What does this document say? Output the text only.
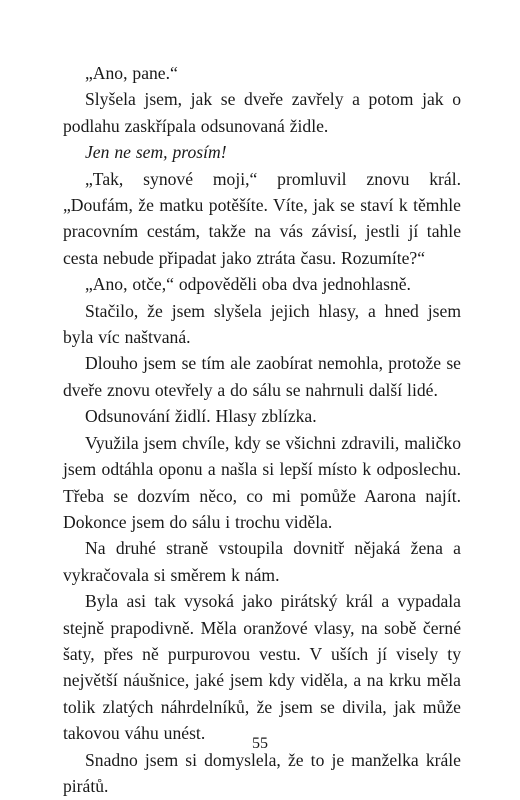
„Ano, pane.“

Slyšela jsem, jak se dveře zavřely a potom jak o podlahu zaskřípala odsunovaná židle.

Jen ne sem, prosím!

„Tak, synové moji,“ promluvil znovu král. „Doufám, že matku potěšíte. Víte, jak se staví k těmhle pracovním cestám, takže na vás závisí, jestli jí tahle cesta nebude připadat jako ztráta času. Rozumíte?“

„Ano, otče,“ odpověděli oba dva jednohlasně.

Stačilo, že jsem slyšela jejich hlasy, a hned jsem byla víc naštvaná.

Dlouho jsem se tím ale zaobírat nemohla, protože se dveře znovu otevřely a do sálu se nahrnuli další lidé.

Odsunování židlí. Hlasy zblízka.

Využila jsem chvíle, kdy se všichni zdravili, maličko jsem odtáhla oponu a našla si lepší místo k odposlechu. Třeba se dozvím něco, co mi pomůže Aarona najít. Dokonce jsem do sálu i trochu viděla.

Na druhé straně vstoupila dovnitř nějaká žena a vykračovala si směrem k nám.

Byla asi tak vysoká jako pirátský král a vypadala stejně prapodivně. Měla oranžové vlasy, na sobě černé šaty, přes ně purpurovou vestu. V uších jí visely ty největší náušnice, jaké jsem kdy viděla, a na krku měla tolik zlatých náhrdelníků, že jsem se divila, jak může takovou váhu unést.

Snadno jsem si domyslela, že to je manželka krále pirátů.

55
